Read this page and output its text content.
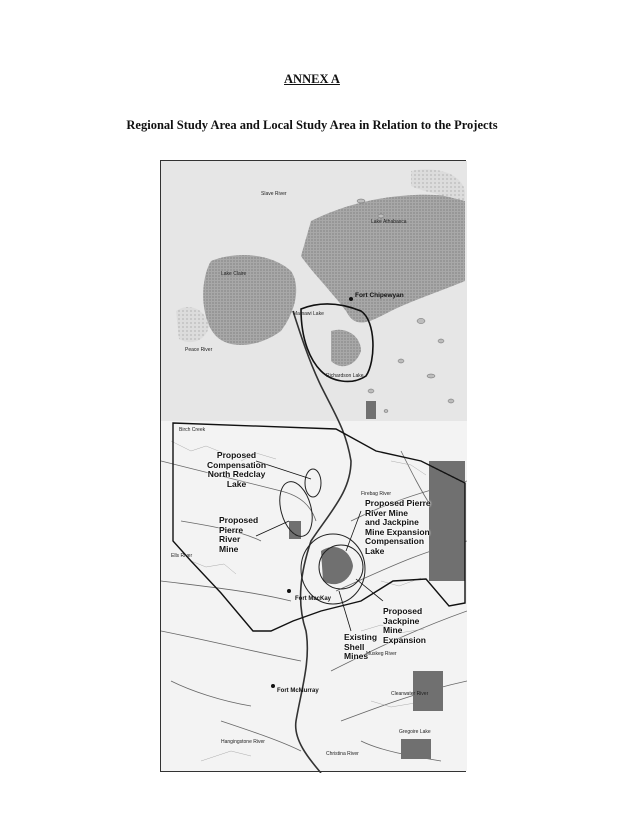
ANNEX A
Regional Study Area and Local Study Area in Relation to the Projects
Lake Athabasca
Lake Claire
Mamawi Lake
Peace River
Slave River
Richardson Lake
Firebag River
Birch Creek
Ells River
Muskeg River
Clearwater River
Hangingstone River
Christina River
Gregoire Lake
Fort Chipewyan
Fort MacKay
Fort McMurray
Proposed
Compensation
North Redclay
Lake
Proposed
Pierre
River
Mine
Proposed Pierre
River Mine
and Jackpine
Mine Expansion
Compensation
Lake
Proposed
Jackpine
Mine
Expansion
Existing
Shell
Mines
